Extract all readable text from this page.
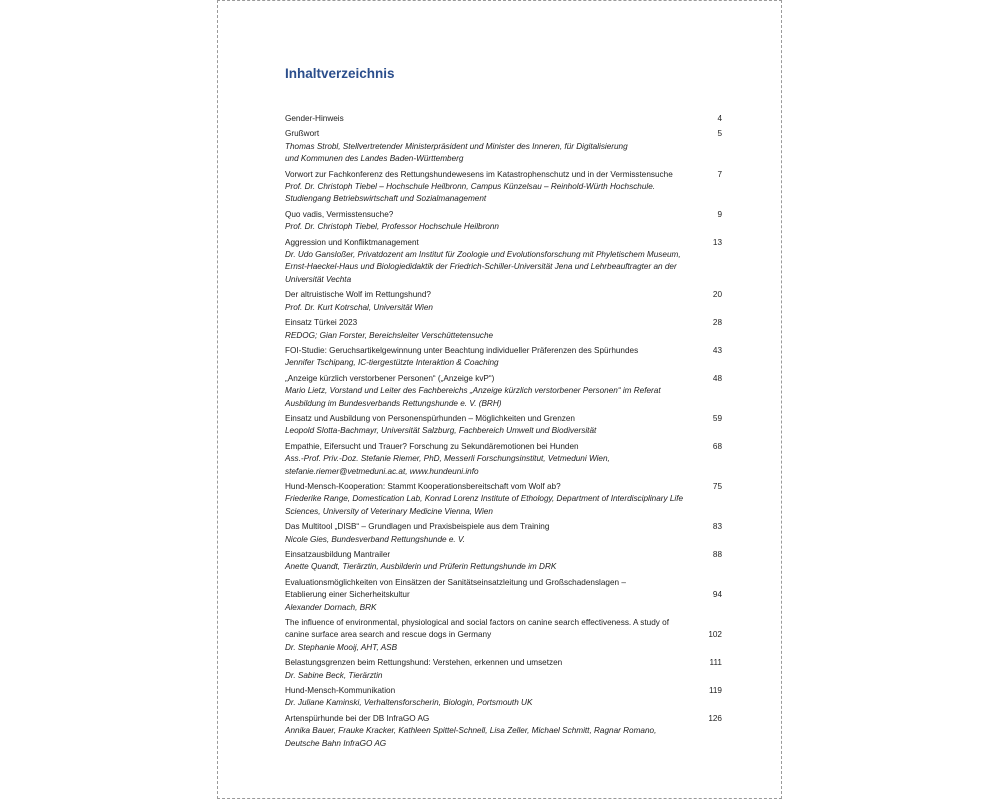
Inhaltverzeichnis
Gender-Hinweis	4
Grußwort	5
Thomas Strobl, Stellvertretender Ministerpräsident und Minister des Inneren, für Digitalisierung
und Kommunen des Landes Baden-Württemberg
Vorwort zur Fachkonferenz des Rettungshundewesens im Katastrophenschutz und in der Vermisstensuche	7
Prof. Dr. Christoph Tiebel – Hochschule Heilbronn, Campus Künzelsau – Reinhold-Würth Hochschule.
Studiengang Betriebswirtschaft und Sozialmanagement
Quo vadis, Vermisstensuche?	9
Prof. Dr. Christoph Tiebel, Professor Hochschule Heilbronn
Aggression und Konfliktmanagement	13
Dr. Udo Gansloßer, Privatdozent am Institut für Zoologie und Evolutionsforschung mit Phyletischem Museum,
Ernst-Haeckel-Haus und Biologiedidaktik der Friedrich-Schiller-Universität Jena und Lehrbeauftragter an der
Universität Vechta
Der altruistische Wolf im Rettungshund?	20
Prof. Dr. Kurt Kotrschal, Universität Wien
Einsatz Türkei 2023	28
REDOG; Gian Forster, Bereichsleiter Verschüttetensuche
FOI-Studie: Geruchsartikelgewinnung unter Beachtung individueller Präferenzen des Spürhundes	43
Jennifer Tschipang, IC-tiergestützte Interaktion & Coaching
„Anzeige kürzlich verstorbener Personen“ („Anzeige kvP“)	48
Mario Lietz, Vorstand und Leiter des Fachbereichs „Anzeige kürzlich verstorbener Personen“ im Referat
Ausbildung im Bundesverbands Rettungshunde e. V. (BRH)
Einsatz und Ausbildung von Personenspürhunden – Möglichkeiten und Grenzen	59
Leopold Slotta-Bachmayr, Universität Salzburg, Fachbereich Umwelt und Biodiversität
Empathie, Eifersucht und Trauer? Forschung zu Sekundäremotionen bei Hunden	68
Ass.-Prof. Priv.-Doz. Stefanie Riemer, PhD, Messerli Forschungsinstitut, Vetmeduni Wien,
stefanie.riemer@vetmeduni.ac.at, www.hundeuni.info
Hund-Mensch-Kooperation: Stammt Kooperationsbereitschaft vom Wolf ab?	75
Friederike Range, Domestication Lab, Konrad Lorenz Institute of Ethology, Department of Interdisciplinary Life
Sciences, University of Veterinary Medicine Vienna, Wien
Das Multitool „DISB“ – Grundlagen und Praxisbeispiele aus dem Training	83
Nicole Gies, Bundesverband Rettungshunde e. V.
Einsatzausbildung Mantrailer	88
Anette Quandt, Tierärztin, Ausbilderin und Prüferin Rettungshunde im DRK
Evaluationsmöglichkeiten von Einsätzen der Sanitätseinsatzleitung und Großschadenslagen –
Etablierung einer Sicherheitskultur	94
Alexander Dornach, BRK
The influence of environmental, physiological and social factors on canine search effectiveness. A study of
canine surface area search and rescue dogs in Germany	102
Dr. Stephanie Mooij, AHT, ASB
Belastungsgrenzen beim Rettungshund: Verstehen, erkennen und umsetzen	111
Dr. Sabine Beck, Tierärztin
Hund-Mensch-Kommunikation	119
Dr. Juliane Kaminski, Verhaltensforscherin, Biologin, Portsmouth UK
Artenspürhunde bei der DB InfraGO AG	126
Annika Bauer, Frauke Kracker, Kathleen Spittel-Schnell, Lisa Zeller, Michael Schmitt, Ragnar Romano,
Deutsche Bahn InfraGO AG
